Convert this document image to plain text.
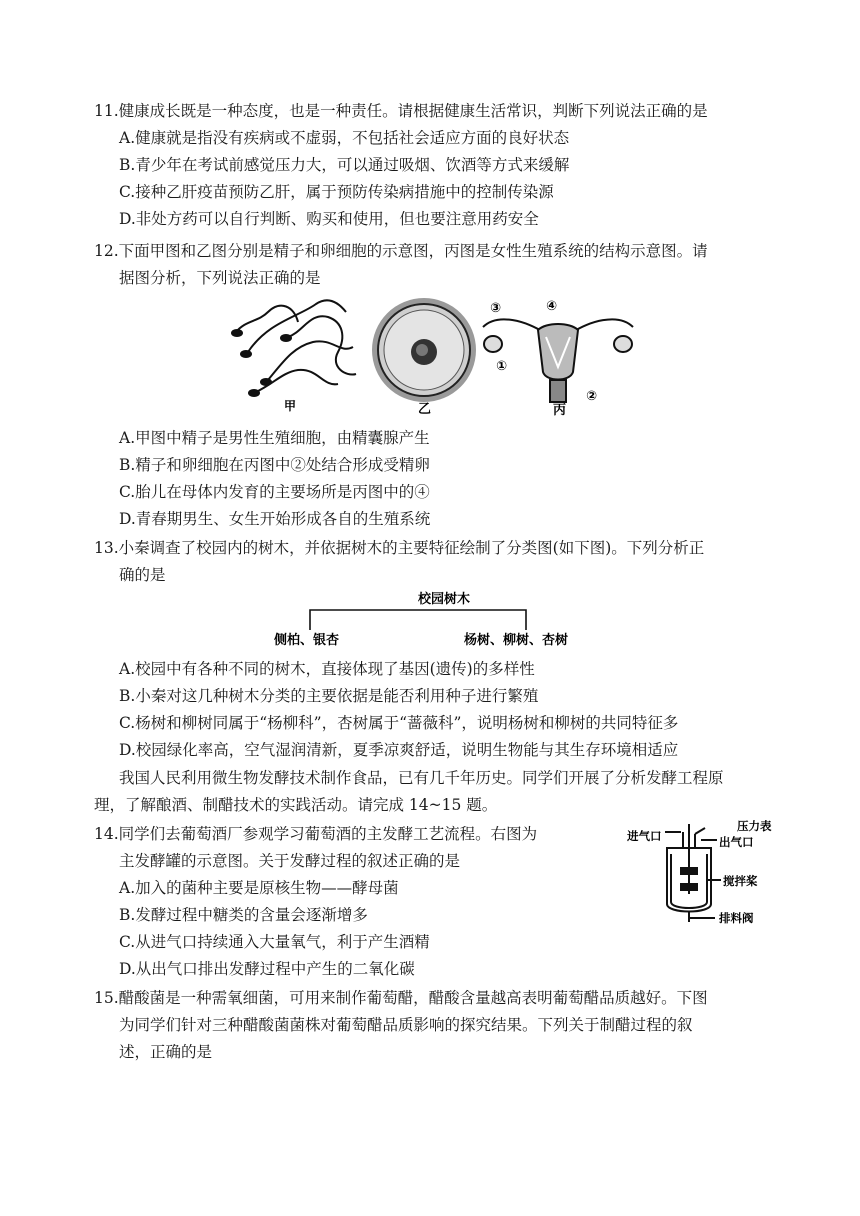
11.健康成长既是一种态度，也是一种责任。请根据健康生活常识，判断下列说法正确的是
A.健康就是指没有疾病或不虚弱，不包括社会适应方面的良好状态
B.青少年在考试前感觉压力大，可以通过吸烟、饮酒等方式来缓解
C.接种乙肝疫苗预防乙肝，属于预防传染病措施中的控制传染源
D.非处方药可以自行判断、购买和使用，但也要注意用药安全
12.下面甲图和乙图分别是精子和卵细胞的示意图，丙图是女性生殖系统的结构示意图。请
据图分析，下列说法正确的是
甲	乙
③	④
①
②
丙
A.甲图中精子是男性生殖细胞，由精囊腺产生
B.精子和卵细胞在丙图中②处结合形成受精卵
C.胎儿在母体内发育的主要场所是丙图中的④
D.青春期男生、女生开始形成各自的生殖系统
13.小秦调查了校园内的树木，并依据树木的主要特征绘制了分类图(如下图)。下列分析正
确的是
校园树木
侧柏、银杏	杨树、柳树、杏树
A.校园中有各种不同的树木，直接体现了基因(遗传)的多样性
B.小秦对这几种树木分类的主要依据是能否利用种子进行繁殖
C.杨树和柳树同属于“杨柳科”，杏树属于“蔷薇科”，说明杨树和柳树的共同特征多
D.校园绿化率高，空气湿润清新，夏季凉爽舒适，说明生物能与其生存环境相适应
我国人民利用微生物发酵技术制作食品，已有几千年历史。同学们开展了分析发酵工程原
理，了解酿酒、制醋技术的实践活动。请完成 14~15 题。
14.同学们去葡萄酒厂参观学习葡萄酒的主发酵工艺流程。右图为
主发酵罐的示意图。关于发酵过程的叙述正确的是
进气口
压力表
出气口
搅拌桨
排料阀
A.加入的菌种主要是原核生物——酵母菌
B.发酵过程中糖类的含量会逐渐增多
C.从进气口持续通入大量氧气，利于产生酒精
D.从出气口排出发酵过程中产生的二氧化碳
15.醋酸菌是一种需氧细菌，可用来制作葡萄醋，醋酸含量越高表明葡萄醋品质越好。下图
为同学们针对三种醋酸菌菌株对葡萄醋品质影响的探究结果。下列关于制醋过程的叙
述，正确的是
